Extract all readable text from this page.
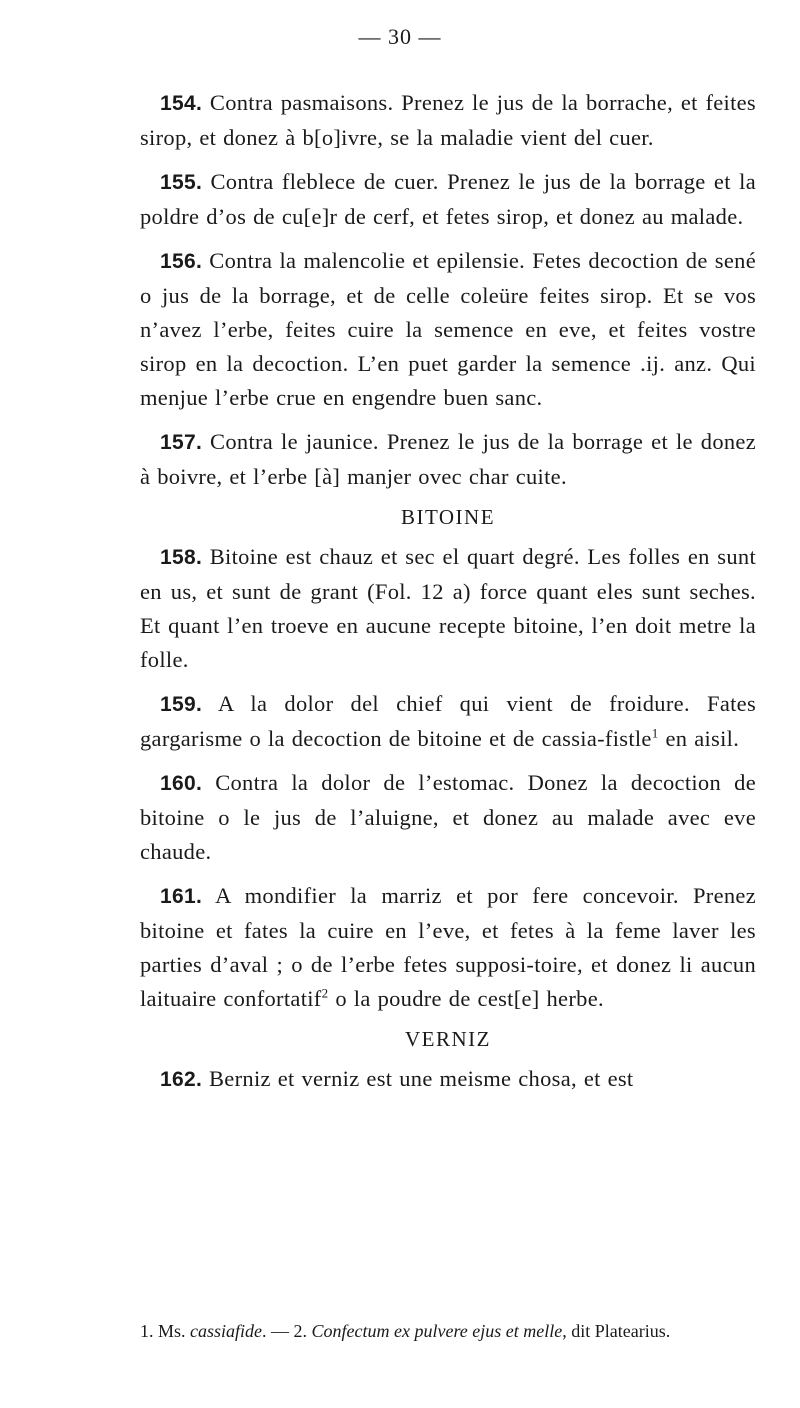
— 30 —

154. Contra pasmaisons. Prenez le jus de la borrache, et feites sirop, et donez à b[o]ivre, se la maladie vient del cuer.

155. Contra fleblece de cuer. Prenez le jus de la borrage et la poldre d’os de cu[e]r de cerf, et fetes sirop, et donez au malade.

156. Contra la malencolie et epilensie. Fetes decoction de sené o jus de la borrage, et de celle coleüre feites sirop. Et se vos n’avez l’erbe, feites cuire la semence en eve, et feites vostre sirop en la decoction. L’en puet garder la semence .ij. anz. Qui menjue l’erbe crue en engendre buen sanc.

157. Contra le jaunice. Prenez le jus de la borrage et le donez à boivre, et l’erbe [à] manjer ovec char cuite.

BITOINE

158. Bitoine est chauz et sec el quart degré. Les folles en sunt en us, et sunt de grant (Fol. 12 a) force quant eles sunt seches. Et quant l’en troeve en aucune recepte bitoine, l’en doit metre la folle.

159. A la dolor del chief qui vient de froidure. Fates gargarisme o la decoction de bitoine et de cassia-fistle$^1$ en aisil.

160. Contra la dolor de l’estomac. Donez la decoction de bitoine o le jus de l’aluigne, et donez au malade avec eve chaude.

161. A mondifier la marriz et por fere concevoir. Prenez bitoine et fates la cuire en l’eve, et fetes à la feme laver les parties d’aval ; o de l’erbe fetes supposi-toire, et donez li aucun laituaire confortatif$^2$ o la poudre de cest[e] herbe.

VERNIZ

162. Berniz et verniz est une meisme chosa, et est

1. Ms. cassiafide. — 2. Confectum ex pulvere ejus et melle, dit Platearius.
